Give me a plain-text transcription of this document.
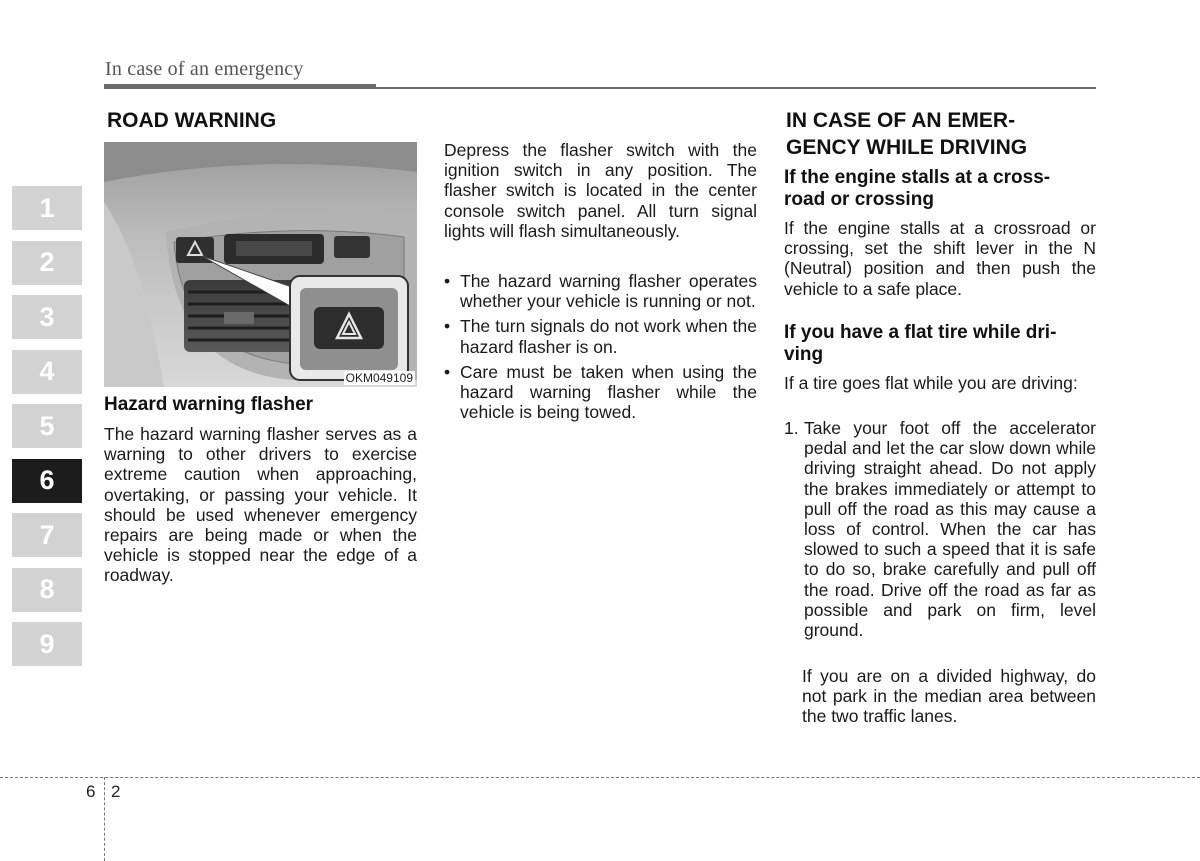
In case of an emergency
1
2
3
4
5
6
7
8
9
ROAD WARNING
OKM049109
Hazard warning flasher
The hazard warning flasher serves as a warning to other drivers to exercise extreme caution when approaching, overtaking, or passing your vehicle. It should be used whenever emergency repairs are being made or when the vehicle is stopped near the edge of a roadway.
Depress the flasher switch with the ignition switch in any position. The flasher switch is located in the center console switch panel. All turn signal lights will flash simultaneously.
• The hazard warning flasher operates whether your vehicle is running or not.
• The turn signals do not work when the hazard flasher is on.
• Care must be taken when using the hazard warning flasher while the vehicle is being towed.
IN CASE OF AN EMER-
GENCY WHILE DRIVING
If the engine stalls at a cross-
road or crossing
If the engine stalls at a crossroad or crossing, set the shift lever in the N (Neutral) position and then push the vehicle to a safe place.
If you have a flat tire while dri-
ving
If a tire goes flat while you are driving:
1. Take your foot off the accelerator pedal and let the car slow down while driving straight ahead. Do not apply the brakes immediately or attempt to pull off the road as this may cause a loss of control. When the car has slowed to such a speed that it is safe to do so, brake carefully and pull off the road. Drive off the road as far as possible and park on firm, level ground.
If you are on a divided highway, do not park in the median area between the two traffic lanes.
6 2
